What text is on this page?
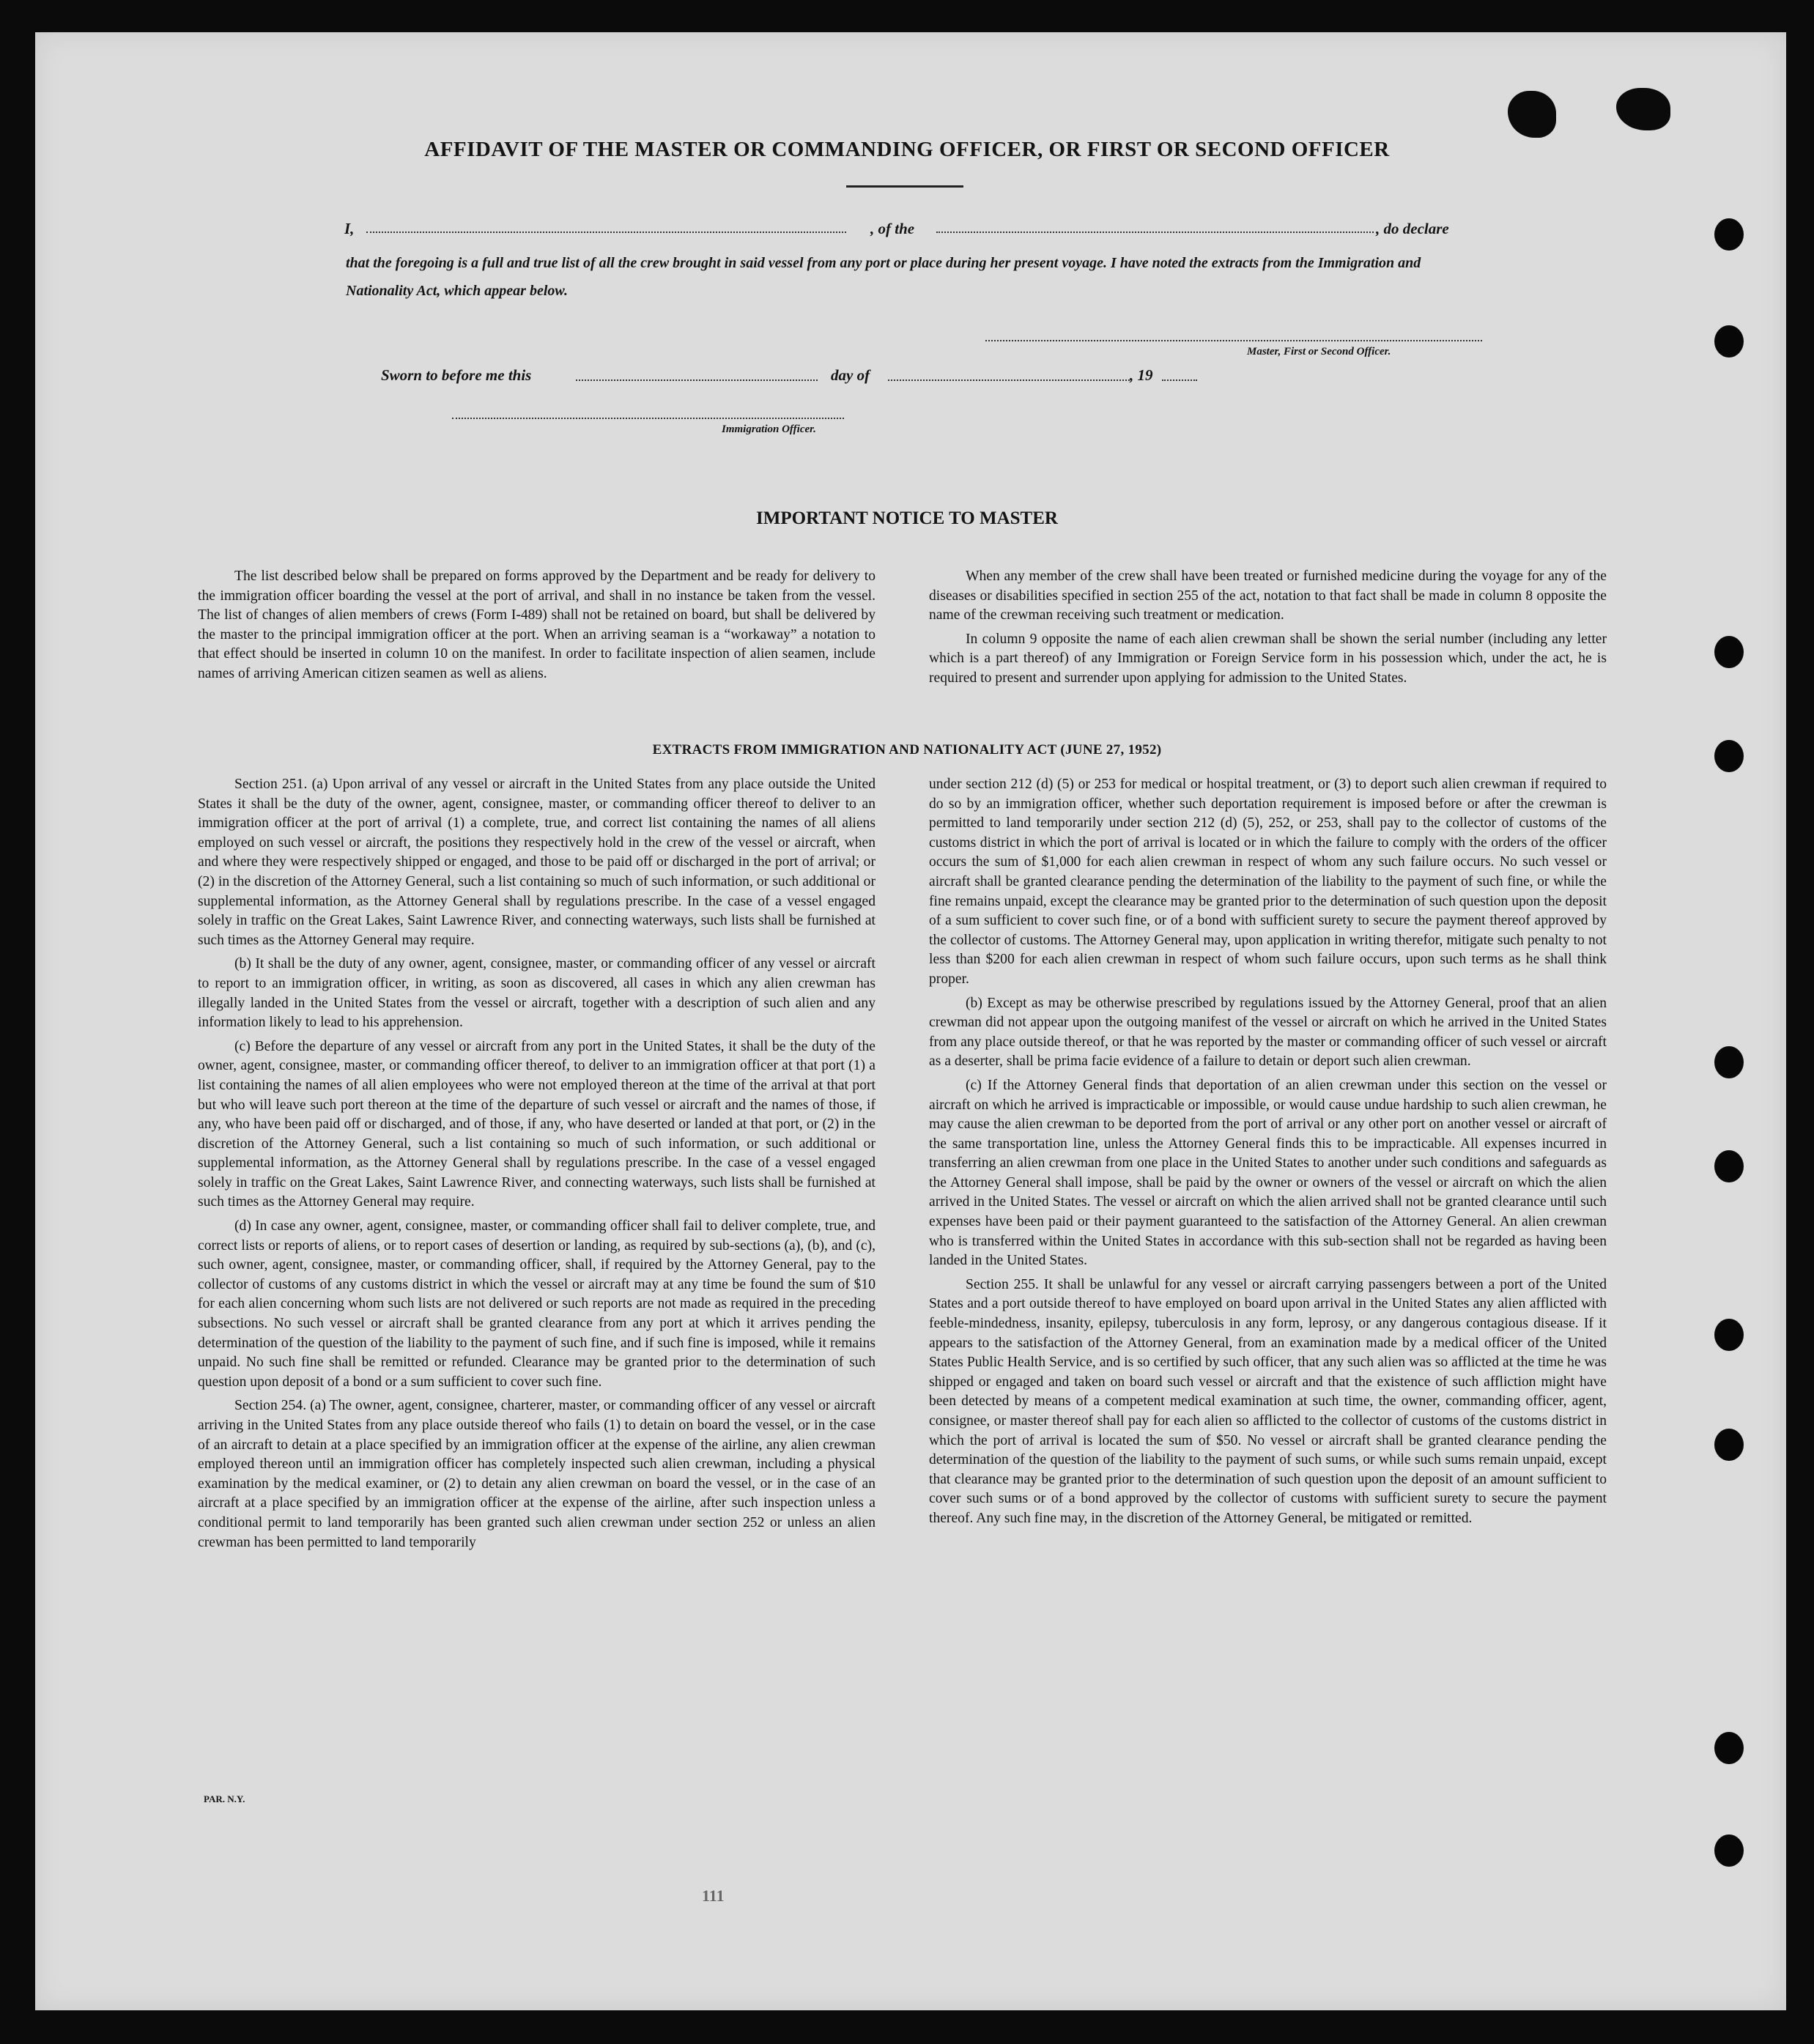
AFFIDAVIT OF THE MASTER OR COMMANDING OFFICER, OR FIRST OR SECOND OFFICER
I,	, of the	, do declare
that the foregoing is a full and true list of all the crew brought in said vessel from any port or place during her present voyage. I have noted the extracts from the Immigration and Nationality Act, which appear below.
Master, First or Second Officer.
Sworn to before me this	day of	, 19
Immigration Officer.
IMPORTANT NOTICE TO MASTER

The list described below shall be prepared on forms approved by the Department and be ready for delivery to the immigration officer boarding the vessel at the port of arrival, and shall in no instance be taken from the vessel. The list of changes of alien members of crews (Form I-489) shall not be retained on board, but shall be delivered by the master to the principal immigration officer at the port. When an arriving seaman is a “workaway” a notation to that effect should be inserted in column 10 on the manifest. In order to facilitate inspection of alien seamen, include names of arriving American citizen seamen as well as aliens.

When any member of the crew shall have been treated or furnished medicine during the voyage for any of the diseases or disabilities specified in section 255 of the act, notation to that fact shall be made in column 8 opposite the name of the crewman receiving such treatment or medication.

In column 9 opposite the name of each alien crewman shall be shown the serial number (including any letter which is a part thereof) of any Immigration or Foreign Service form in his possession which, under the act, he is required to present and surrender upon applying for admission to the United States.

EXTRACTS FROM IMMIGRATION AND NATIONALITY ACT (JUNE 27, 1952)

Section 251. (a) Upon arrival of any vessel or aircraft in the United States from any place outside the United States it shall be the duty of the owner, agent, consignee, master, or commanding officer thereof to deliver to an immigration officer at the port of arrival (1) a complete, true, and correct list containing the names of all aliens employed on such vessel or aircraft, the positions they respectively hold in the crew of the vessel or aircraft, when and where they were respectively shipped or engaged, and those to be paid off or discharged in the port of arrival; or (2) in the discretion of the Attorney General, such a list containing so much of such information, or such additional or supplemental information, as the Attorney General shall by regulations prescribe. In the case of a vessel engaged solely in traffic on the Great Lakes, Saint Lawrence River, and connecting waterways, such lists shall be furnished at such times as the Attorney General may require.

(b) It shall be the duty of any owner, agent, consignee, master, or commanding officer of any vessel or aircraft to report to an immigration officer, in writing, as soon as discovered, all cases in which any alien crewman has illegally landed in the United States from the vessel or aircraft, together with a description of such alien and any information likely to lead to his apprehension.

(c) Before the departure of any vessel or aircraft from any port in the United States, it shall be the duty of the owner, agent, consignee, master, or commanding officer thereof, to deliver to an immigration officer at that port (1) a list containing the names of all alien employees who were not employed thereon at the time of the arrival at that port but who will leave such port thereon at the time of the departure of such vessel or aircraft and the names of those, if any, who have been paid off or discharged, and of those, if any, who have deserted or landed at that port, or (2) in the discretion of the Attorney General, such a list containing so much of such information, or such additional or supplemental information, as the Attorney General shall by regulations prescribe. In the case of a vessel engaged solely in traffic on the Great Lakes, Saint Lawrence River, and connecting waterways, such lists shall be furnished at such times as the Attorney General may require.

(d) In case any owner, agent, consignee, master, or commanding officer shall fail to deliver complete, true, and correct lists or reports of aliens, or to report cases of desertion or landing, as required by sub-sections (a), (b), and (c), such owner, agent, consignee, master, or commanding officer, shall, if required by the Attorney General, pay to the collector of customs of any customs district in which the vessel or aircraft may at any time be found the sum of $10 for each alien concerning whom such lists are not delivered or such reports are not made as required in the preceding subsections. No such vessel or aircraft shall be granted clearance from any port at which it arrives pending the determination of the question of the liability to the payment of such fine, and if such fine is imposed, while it remains unpaid. No such fine shall be remitted or refunded. Clearance may be granted prior to the determination of such question upon deposit of a bond or a sum sufficient to cover such fine.

Section 254. (a) The owner, agent, consignee, charterer, master, or commanding officer of any vessel or aircraft arriving in the United States from any place outside thereof who fails (1) to detain on board the vessel, or in the case of an aircraft to detain at a place specified by an immigration officer at the expense of the airline, any alien crewman employed thereon until an immigration officer has completely inspected such alien crewman, including a physical examination by the medical examiner, or (2) to detain any alien crewman on board the vessel, or in the case of an aircraft at a place specified by an immigration officer at the expense of the airline, after such inspection unless a conditional permit to land temporarily has been granted such alien crewman under section 252 or unless an alien crewman has been permitted to land temporarily

under section 212 (d) (5) or 253 for medical or hospital treatment, or (3) to deport such alien crewman if required to do so by an immigration officer, whether such deportation requirement is imposed before or after the crewman is permitted to land temporarily under section 212 (d) (5), 252, or 253, shall pay to the collector of customs of the customs district in which the port of arrival is located or in which the failure to comply with the orders of the officer occurs the sum of $1,000 for each alien crewman in respect of whom any such failure occurs. No such vessel or aircraft shall be granted clearance pending the determination of the liability to the payment of such fine, or while the fine remains unpaid, except the clearance may be granted prior to the determination of such question upon the deposit of a sum sufficient to cover such fine, or of a bond with sufficient surety to secure the payment thereof approved by the collector of customs. The Attorney General may, upon application in writing therefor, mitigate such penalty to not less than $200 for each alien crewman in respect of whom such failure occurs, upon such terms as he shall think proper.

(b) Except as may be otherwise prescribed by regulations issued by the Attorney General, proof that an alien crewman did not appear upon the outgoing manifest of the vessel or aircraft on which he arrived in the United States from any place outside thereof, or that he was reported by the master or commanding officer of such vessel or aircraft as a deserter, shall be prima facie evidence of a failure to detain or deport such alien crewman.

(c) If the Attorney General finds that deportation of an alien crewman under this section on the vessel or aircraft on which he arrived is impracticable or impossible, or would cause undue hardship to such alien crewman, he may cause the alien crewman to be deported from the port of arrival or any other port on another vessel or aircraft of the same transportation line, unless the Attorney General finds this to be impracticable. All expenses incurred in transferring an alien crewman from one place in the United States to another under such conditions and safeguards as the Attorney General shall impose, shall be paid by the owner or owners of the vessel or aircraft on which the alien arrived in the United States. The vessel or aircraft on which the alien arrived shall not be granted clearance until such expenses have been paid or their payment guaranteed to the satisfaction of the Attorney General. An alien crewman who is transferred within the United States in accordance with this sub-section shall not be regarded as having been landed in the United States.

Section 255. It shall be unlawful for any vessel or aircraft carrying passengers between a port of the United States and a port outside thereof to have employed on board upon arrival in the United States any alien afflicted with feeble-mindedness, insanity, epilepsy, tuberculosis in any form, leprosy, or any dangerous contagious disease. If it appears to the satisfaction of the Attorney General, from an examination made by a medical officer of the United States Public Health Service, and is so certified by such officer, that any such alien was so afflicted at the time he was shipped or engaged and taken on board such vessel or aircraft and that the existence of such affliction might have been detected by means of a competent medical examination at such time, the owner, commanding officer, agent, consignee, or master thereof shall pay for each alien so afflicted to the collector of customs of the customs district in which the port of arrival is located the sum of $50. No vessel or aircraft shall be granted clearance pending the determination of the question of the liability to the payment of such sums, or while such sums remain unpaid, except that clearance may be granted prior to the determination of such question upon the deposit of an amount sufficient to cover such sums or of a bond approved by the collector of customs with sufficient surety to secure the payment thereof. Any such fine may, in the discretion of the Attorney General, be mitigated or remitted.

PAR. N.Y.
111
